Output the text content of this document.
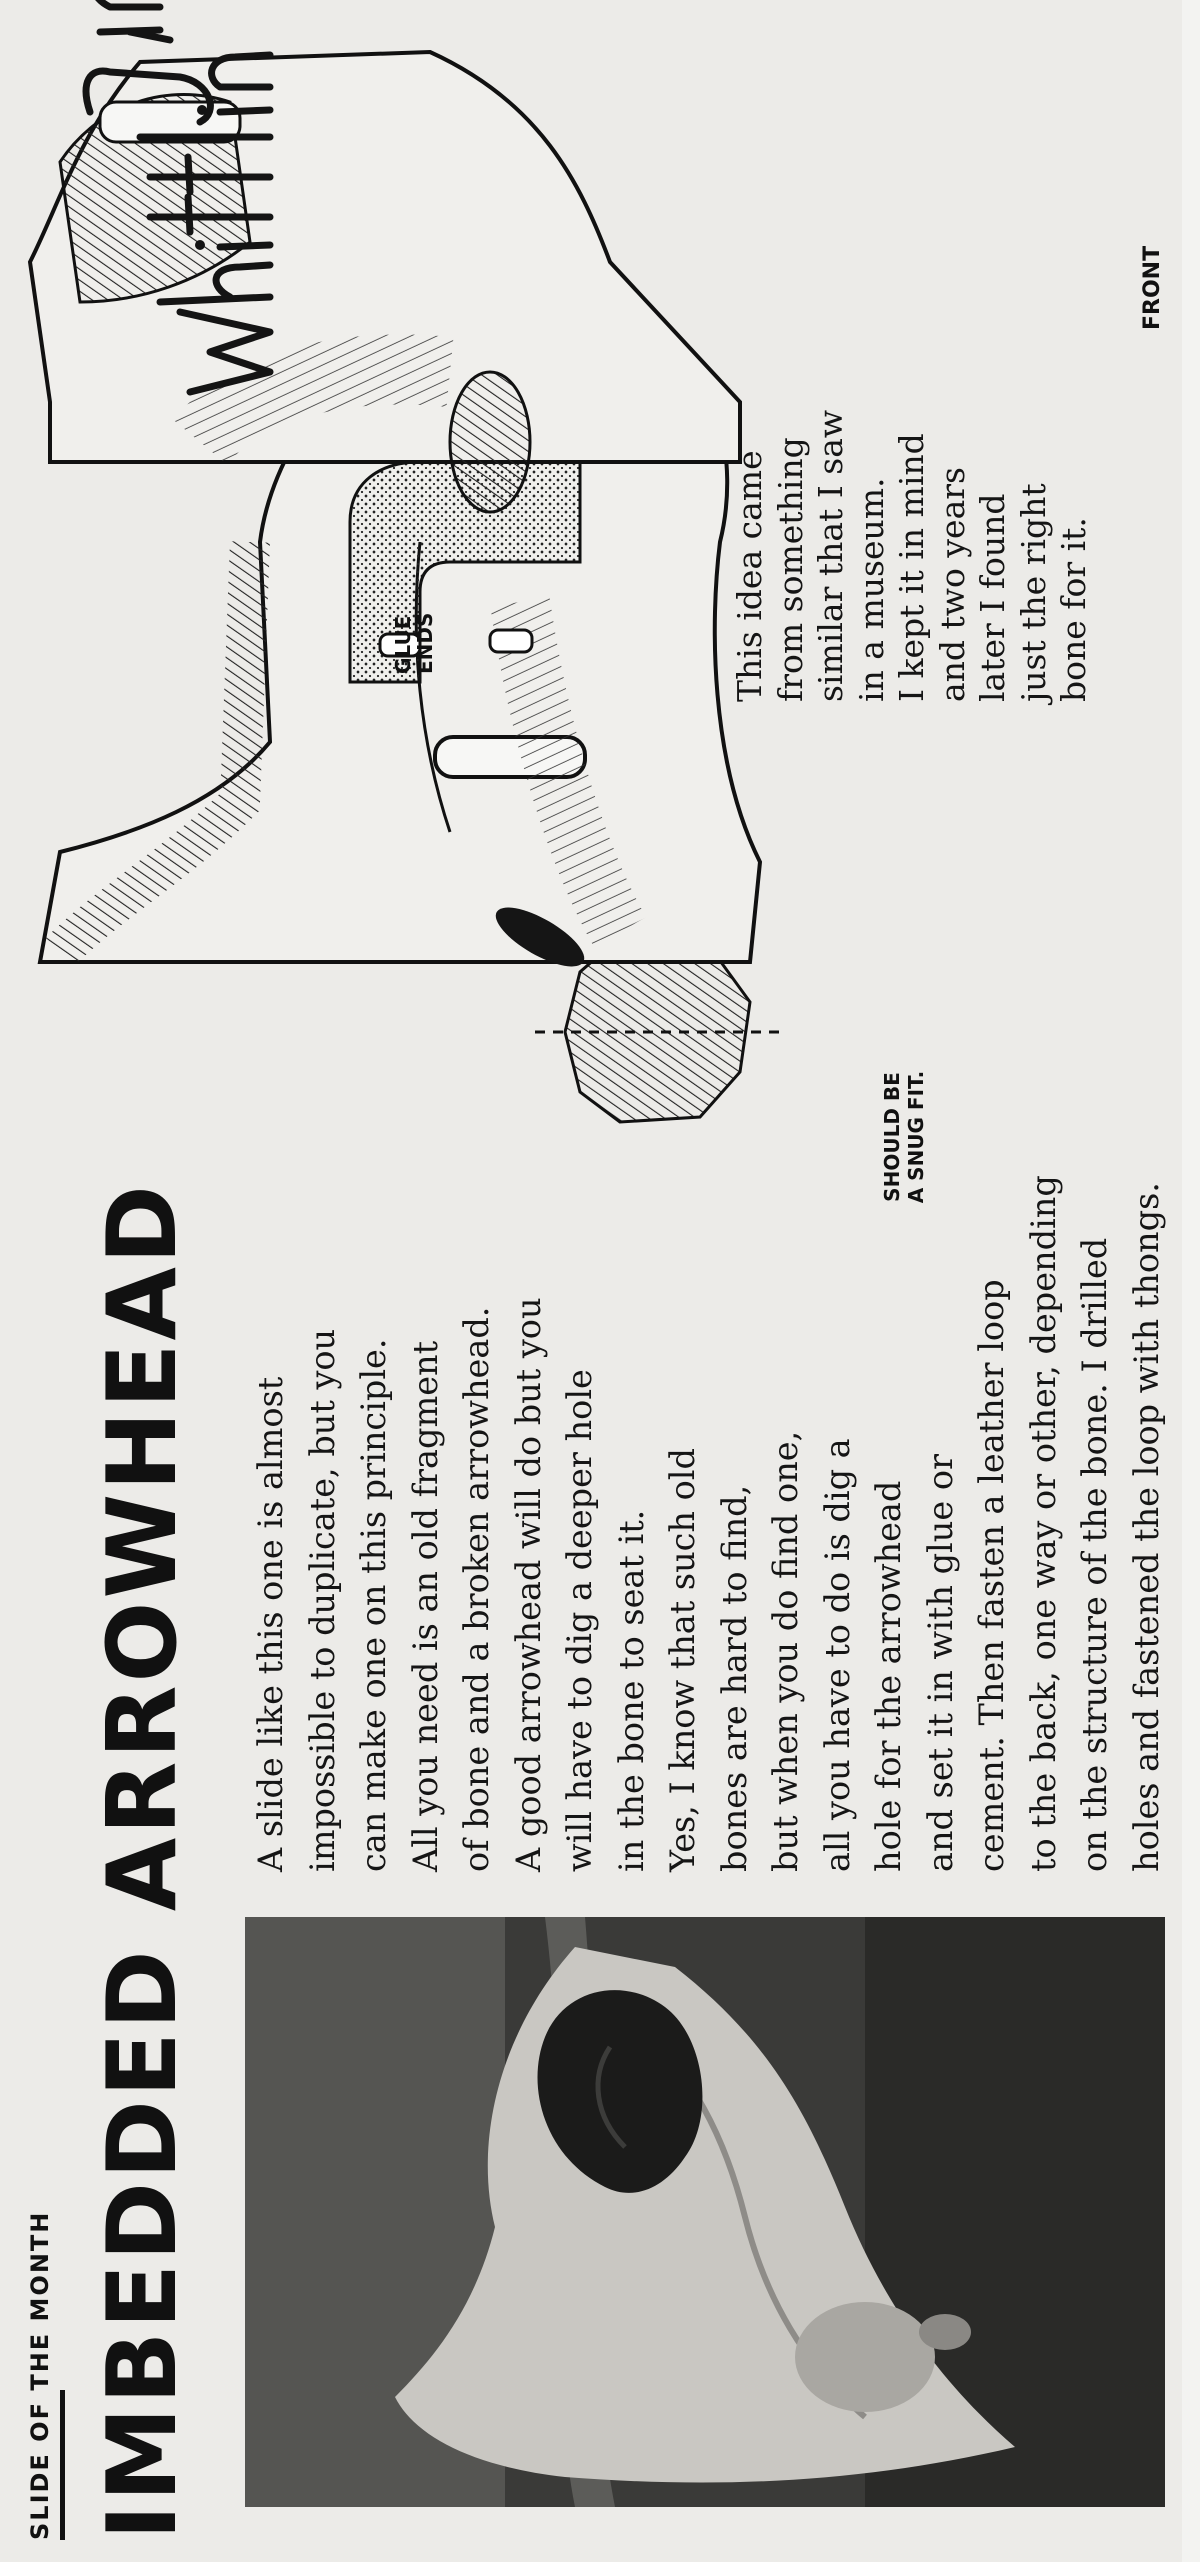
SLIDE OF THE MONTH IMBEDDED ARROWHEAD A slide like this one is almost impossible to duplicate, but you can make one on this principle. All you need is an old fragment of bone and a broken arrowhead. A good arrowhead will do but you will have to dig a deeper hole in the bone to seat it. Yes, I know that such old bones are hard to find, but when you do find one, all you have to do is dig a hole for the arrowhead and set it in with glue or cement. Then fasten a leather loop to the back, one way or other, depending on the structure of the bone. I drilled holes and fastened the loop with thongs.

SHOULD BE A SNUG FIT.
GLUE
ENDS
FRONT

This idea came from something similar that I saw in a museum. I kept it in mind and two years later I found just the right bone for it.
